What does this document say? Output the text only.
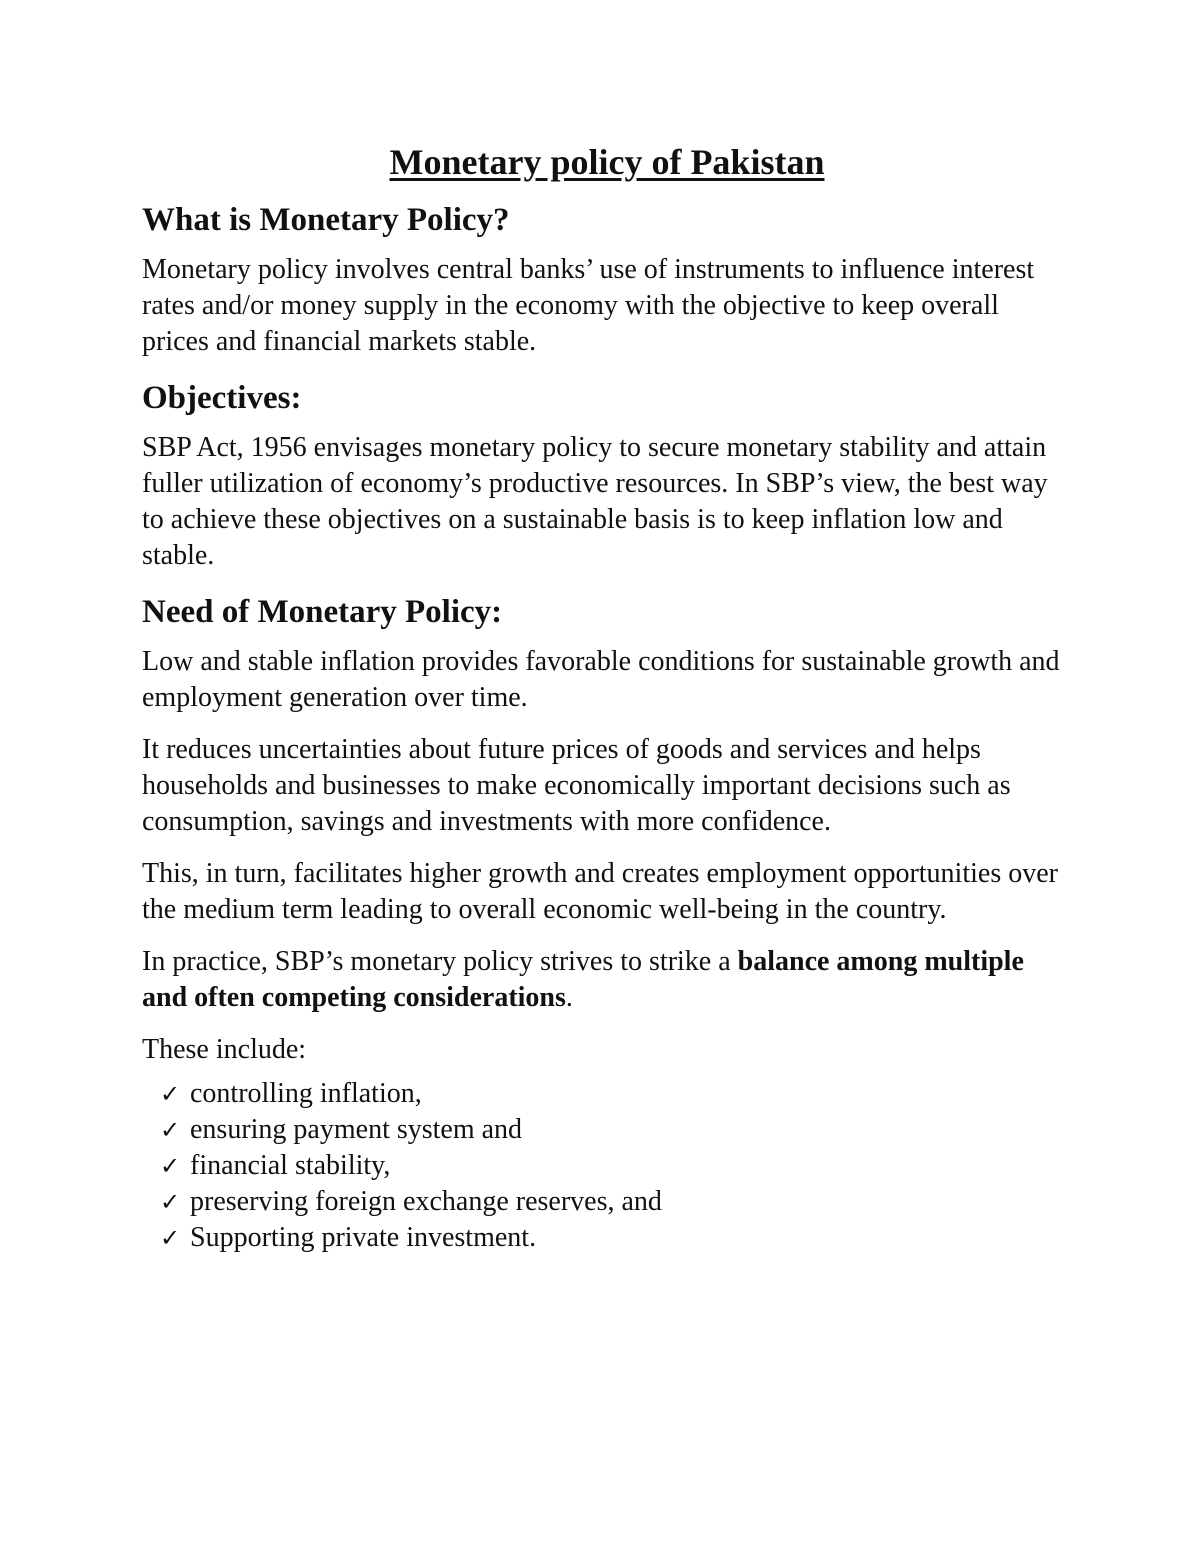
Monetary policy of Pakistan
What is Monetary Policy?

Monetary policy involves central banks’ use of instruments to influence interest rates and/or money supply in the economy with the objective to keep overall prices and financial markets stable.

Objectives:

SBP Act, 1956 envisages monetary policy to secure monetary stability and attain fuller utilization of economy’s productive resources. In SBP’s view, the best way to achieve these objectives on a sustainable basis is to keep inflation low and stable.

Need of Monetary Policy:

Low and stable inflation provides favorable conditions for sustainable growth and employment generation over time.

It reduces uncertainties about future prices of goods and services and helps households and businesses to make economically important decisions such as consumption, savings and investments with more confidence.

This, in turn, facilitates higher growth and creates employment opportunities over the medium term leading to overall economic well-being in the country.

In practice, SBP’s monetary policy strives to strike a balance among multiple and often competing considerations.

These include:

✓ controlling inflation,
✓ ensuring payment system and
✓ financial stability,
✓ preserving foreign exchange reserves, and
✓ Supporting private investment.
